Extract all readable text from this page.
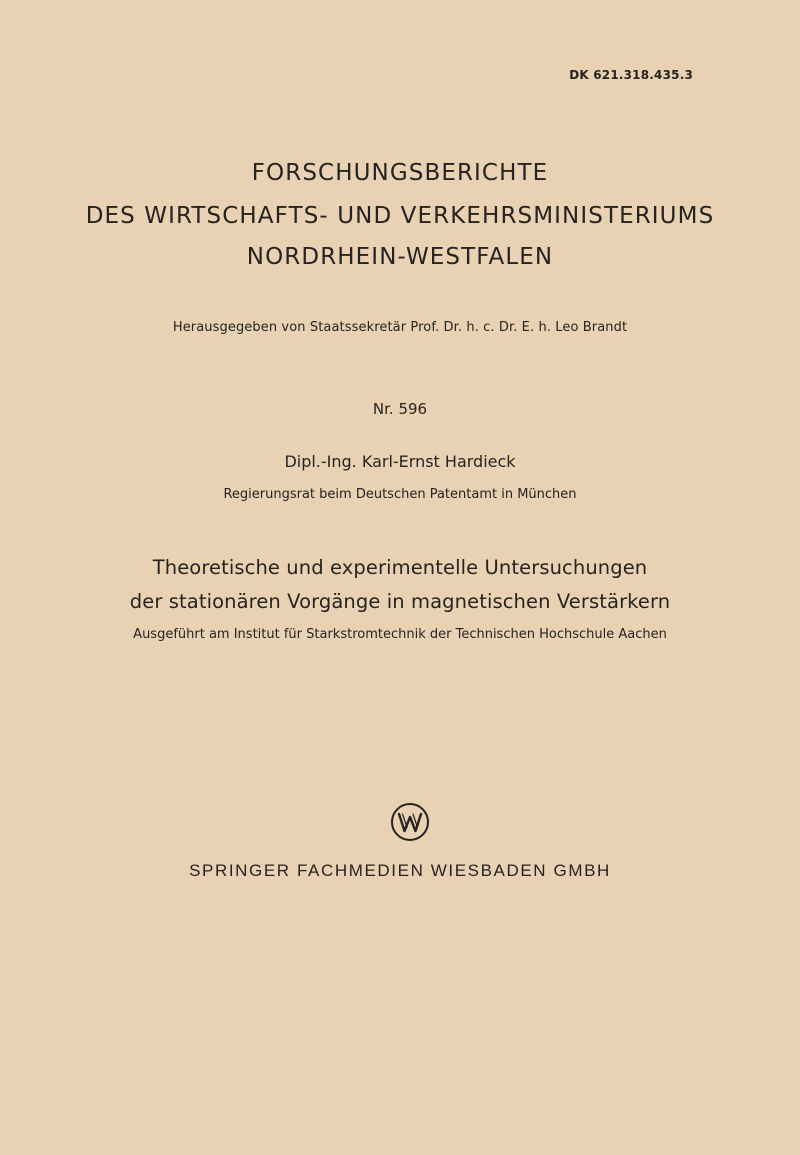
DK 621.318.435.3

FORSCHUNGSBERICHTE

DES WIRTSCHAFTS- UND VERKEHRSMINISTERIUMS

NORDRHEIN-WESTFALEN

Herausgegeben von Staatssekretär Prof. Dr. h. c. Dr. E. h. Leo Brandt

Nr. 596

Dipl.-Ing. Karl-Ernst Hardieck

Regierungsrat beim Deutschen Patentamt in München

Theoretische und experimentelle Untersuchungen

der stationären Vorgänge in magnetischen Verstärkern

Ausgeführt am Institut für Starkstromtechnik der Technischen Hochschule Aachen

SPRINGER FACHMEDIEN WIESBADEN GMBH
